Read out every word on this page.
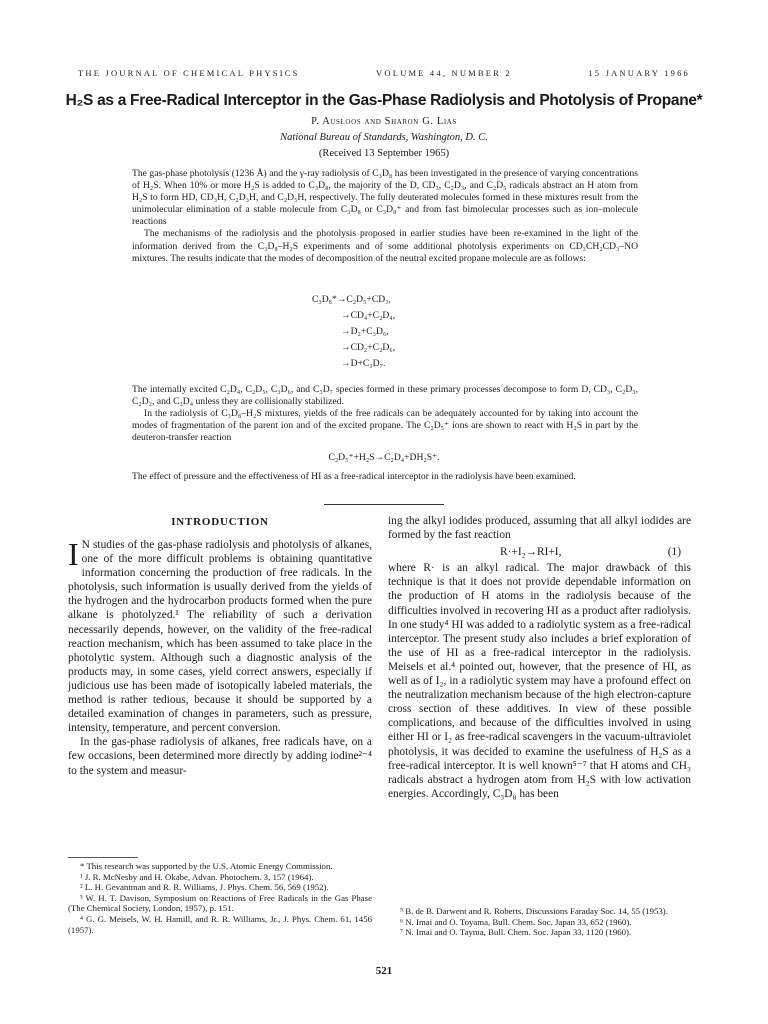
THE JOURNAL OF CHEMICAL PHYSICS	VOLUME 44, NUMBER 2	15 JANUARY 1966
H₂S as a Free-Radical Interceptor in the Gas-Phase Radiolysis and Photolysis of Propane*
P. Ausloos and Sharon G. Lias
National Bureau of Standards, Washington, D. C.
(Received 13 September 1965)

The gas-phase photolysis (1236 Å) and the γ-ray radiolysis of C₃D₈ has been investigated in the presence of varying concentrations of H₂S. When 10% or more H₂S is added to C₃D₈, the majority of the D, CD₃, C₂D₃, and C₂D₅ radicals abstract an H atom from H₂S to form HD, CD₃H, C₂D₃H, and C₂D₅H, respectively. The fully deuterated molecules formed in these mixtures result from the unimolecular elimination of a stable molecule from C₃D₈ or C₃D₈⁺ and from fast bimolecular processes such as ion–molecule reactions

The mechanisms of the radiolysis and the photolysis proposed in earlier studies have been re-examined in the light of the information derived from the C₃D₈–H₂S experiments and of some additional photolysis experiments on CD₃CH₂CD₃–NO mixtures. The results indicate that the modes of decomposition of the neutral excited propane molecule are as follows:

C₃D₈*→C₂D₅+CD₃,
→CD₄+C₂D₄,
→D₂+C₃D₆,
→CD₂+C₂D₆,
→D+C₃D₇.

The internally excited C₂D₄, C₂D₅, C₃D₆, and C₃D₇ species formed in these primary processes decompose to form D, CD₃, C₂D₃, C₂D₂, and C₃D₄ unless they are collisionally stabilized.

In the radiolysis of C₃D₈–H₂S mixtures, yields of the free radicals can be adequately accounted for by taking into account the modes of fragmentation of the parent ion and of the excited propane. The C₂D₅⁺ ions are shown to react with H₂S in part by the deuteron-transfer reaction

C₂D₅⁺+H₂S→C₂D₄+DH₂S⁺.

The effect of pressure and the effectiveness of HI as a free-radical interceptor in the radiolysis have been examined.

INTRODUCTION

I N studies of the gas-phase radiolysis and photolysis of alkanes, one of the more difficult problems is obtaining quantitative information concerning the production of free radicals. In the photolysis, such information is usually derived from the yields of the hydrogen and the hydrocarbon products formed when the pure alkane is photolyzed.¹ The reliability of such a derivation necessarily depends, however, on the validity of the free-radical reaction mechanism, which has been assumed to take place in the photolytic system. Although such a diagnostic analysis of the products may, in some cases, yield correct answers, especially if judicious use has been made of isotopically labeled materials, the method is rather tedious, because it should be supported by a detailed examination of changes in parameters, such as pressure, intensity, temperature, and percent conversion.

In the gas-phase radiolysis of alkanes, free radicals have, on a few occasions, been determined more directly by adding iodine²⁻⁴ to the system and measur-

* This research was supported by the U.S. Atomic Energy Commission.

¹ J. R. McNesby and H. Okabe, Advan. Photochem. 3, 157 (1964).

² L. H. Gevantman and R. R. Williams, J. Phys. Chem. 56, 569 (1952).

³ W. H. T. Davison, Symposium on Reactions of Free Radicals in the Gas Phase (The Chemical Society, London, 1957), p. 151.

⁴ G. G. Meisels, W. H. Hamill, and R. R. Williams, Jr., J. Phys. Chem. 61, 1456 (1957).

ing the alkyl iodides produced, assuming that all alkyl iodides are formed by the fast reaction

R·+I₂→RI+I,	(1)

where R· is an alkyl radical. The major drawback of this technique is that it does not provide dependable information on the production of H atoms in the radiolysis because of the difficulties involved in recovering HI as a product after radiolysis. In one study⁴ HI was added to a radiolytic system as a free-radical interceptor. The present study also includes a brief exploration of the use of HI as a free-radical interceptor in the radiolysis. Meisels et al.⁴ pointed out, however, that the presence of HI, as well as of I₂, in a radiolytic system may have a profound effect on the neutralization mechanism because of the high electron-capture cross section of these additives. In view of these possible complications, and because of the difficulties involved in using either HI or I₂ as free-radical scavengers in the vacuum-ultraviolet photolysis, it was decided to examine the usefulness of H₂S as a free-radical interceptor. It is well known⁵⁻⁷ that H atoms and CH₃ radicals abstract a hydrogen atom from H₂S with low activation energies. Accordingly, C₃D₈ has been

⁵ B. de B. Darwent and R. Roberts, Discussions Faraday Soc. 14, 55 (1953).

⁶ N. Imai and O. Toyama, Bull. Chem. Soc. Japan 33, 652 (1960).

⁷ N. Imai and O. Tayma, Bull. Chem. Soc. Japan 33, 1120 (1960).

521
